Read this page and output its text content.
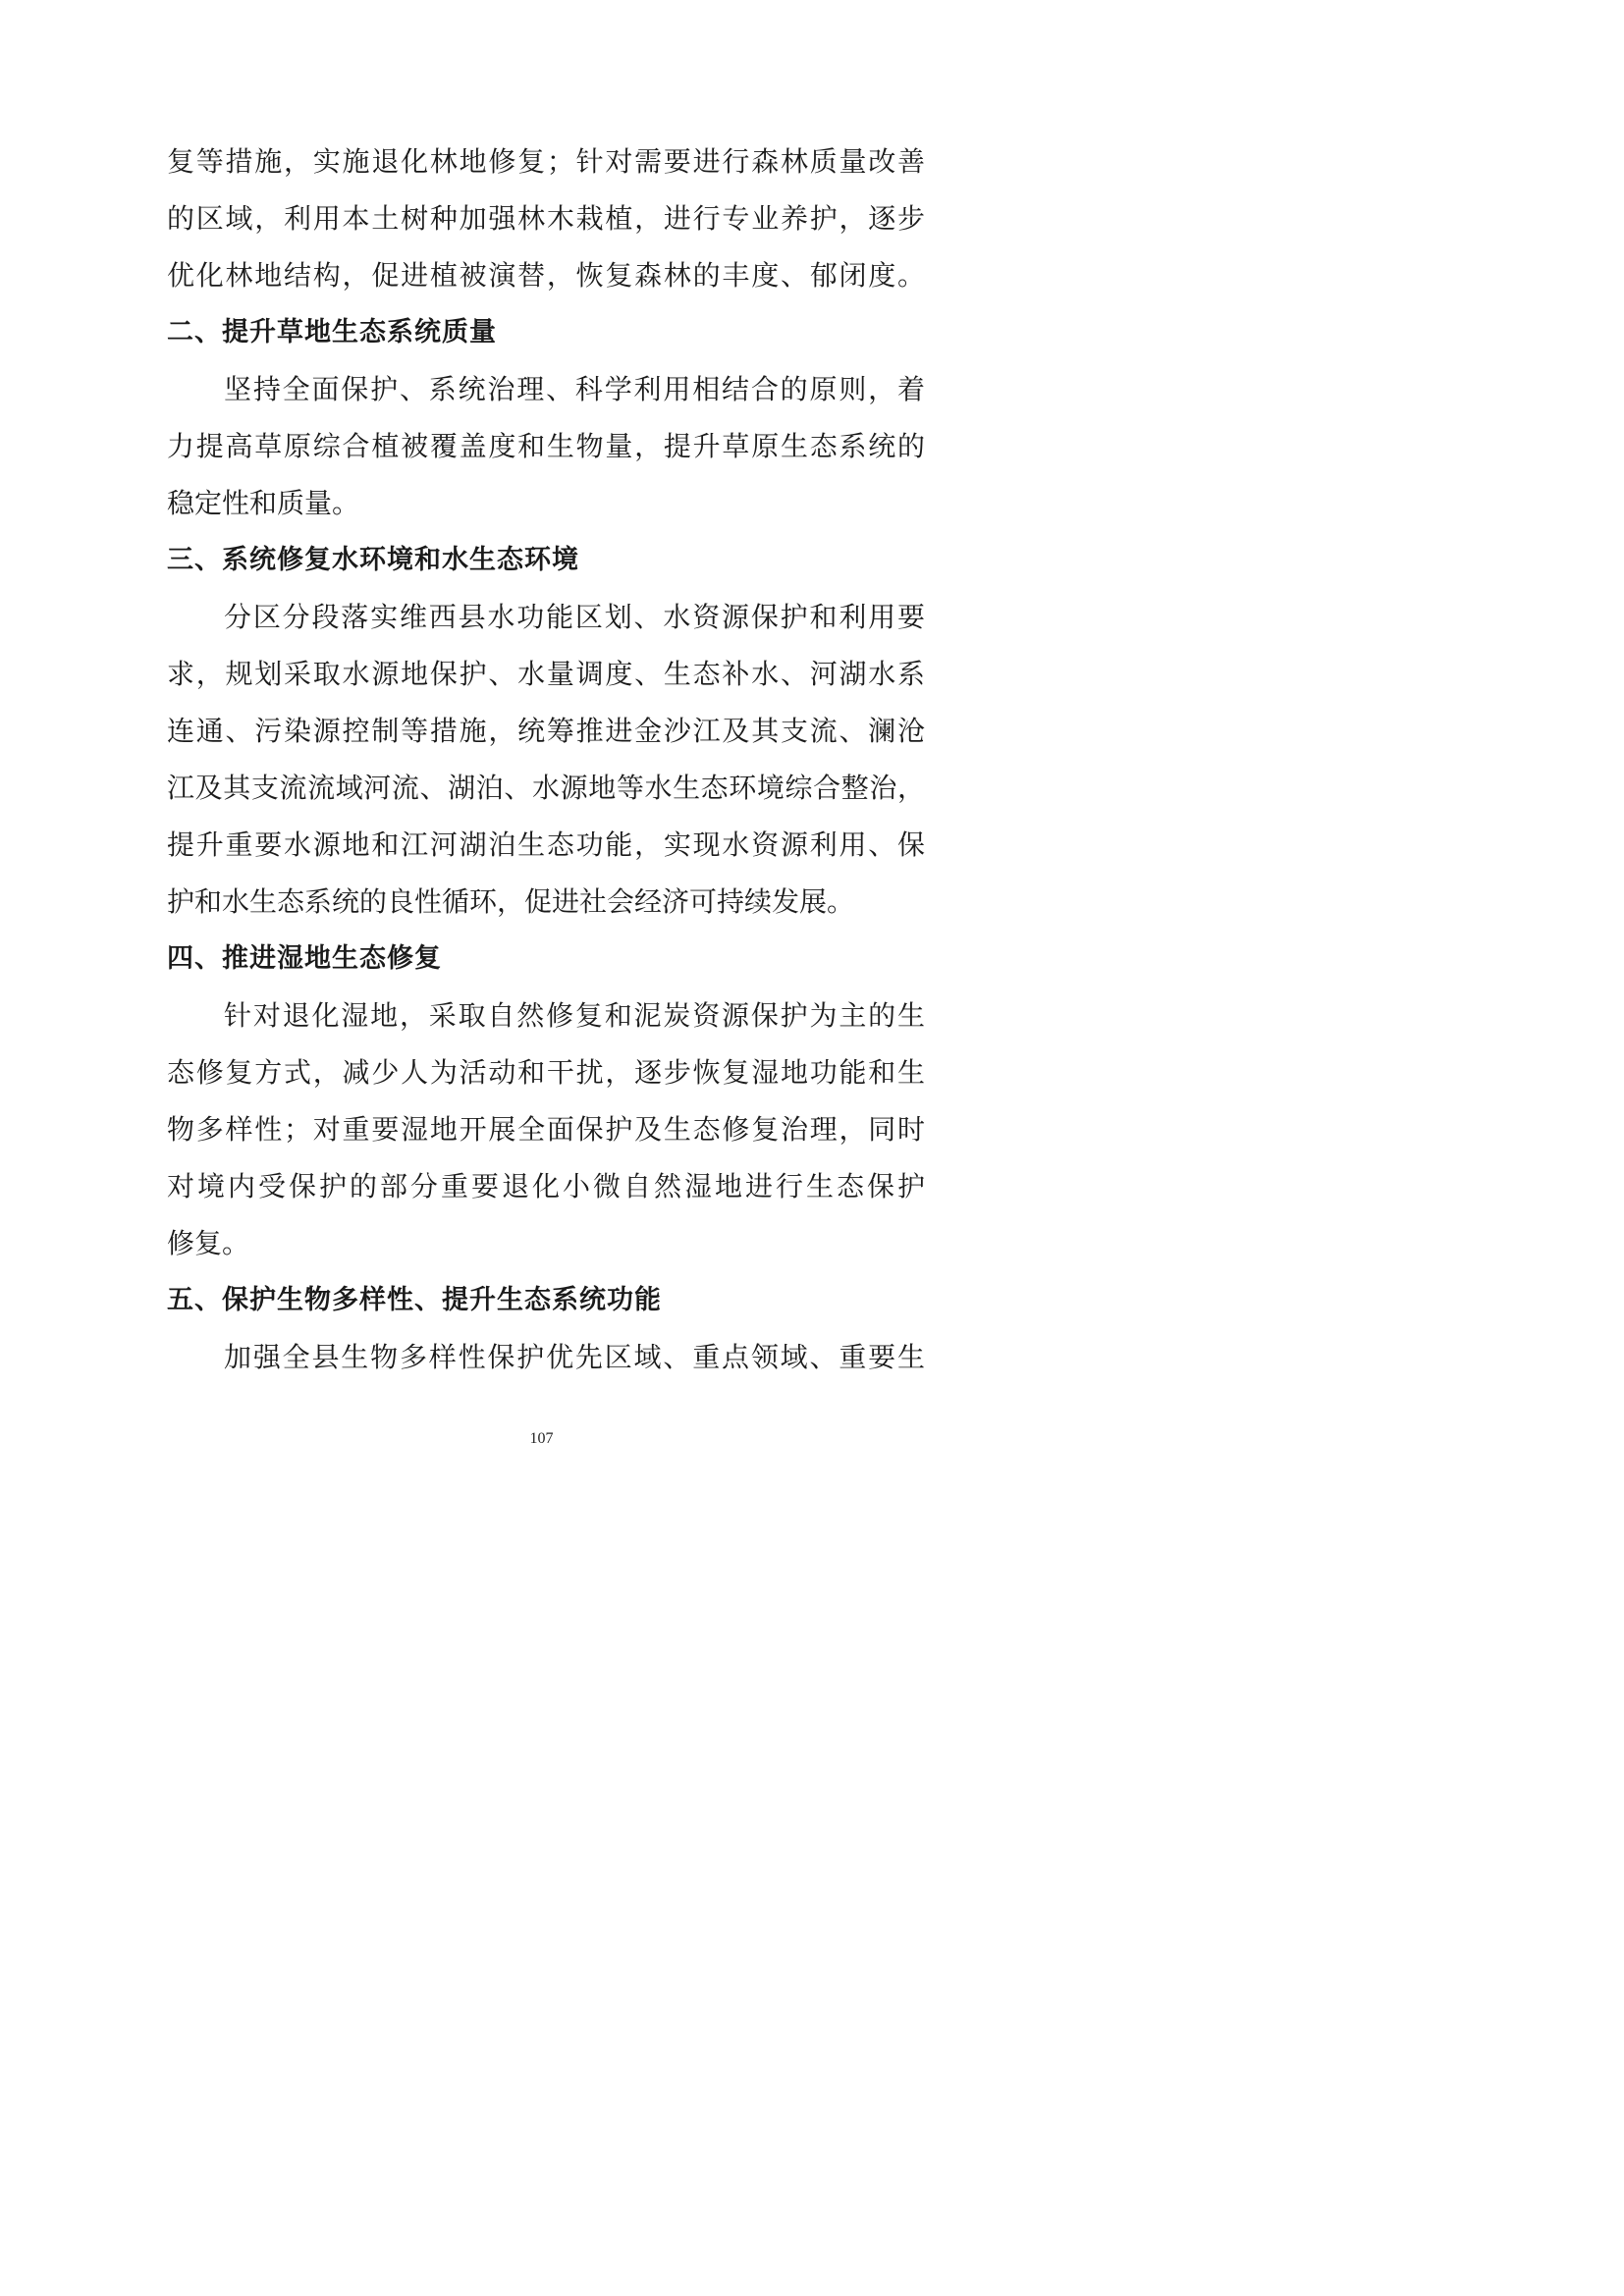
复等措施，实施退化林地修复；针对需要进行森林质量改善
的区域，利用本土树种加强林木栽植，进行专业养护，逐步
优化林地结构，促进植被演替，恢复森林的丰度、郁闭度。
二、提升草地生态系统质量
坚持全面保护、系统治理、科学利用相结合的原则，着
力提高草原综合植被覆盖度和生物量，提升草原生态系统的
稳定性和质量。
三、系统修复水环境和水生态环境
分区分段落实维西县水功能区划、水资源保护和利用要
求，规划采取水源地保护、水量调度、生态补水、河湖水系
连通、污染源控制等措施，统筹推进金沙江及其支流、澜沧
江及其支流流域河流、湖泊、水源地等水生态环境综合整治，
提升重要水源地和江河湖泊生态功能，实现水资源利用、保
护和水生态系统的良性循环，促进社会经济可持续发展。
四、推进湿地生态修复
针对退化湿地，采取自然修复和泥炭资源保护为主的生
态修复方式，减少人为活动和干扰，逐步恢复湿地功能和生
物多样性；对重要湿地开展全面保护及生态修复治理，同时
对境内受保护的部分重要退化小微自然湿地进行生态保护
修复。
五、保护生物多样性、提升生态系统功能
加强全县生物多样性保护优先区域、重点领域、重要生
107
